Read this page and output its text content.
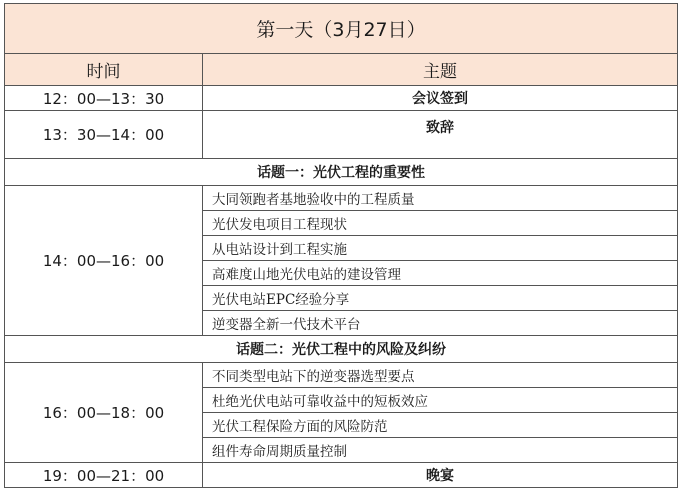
第一天（3月27日）	
时间	主题
12：00—13：30	会议签到
13：30—14：00	致辞
话题一：光伏工程的重要性	
14：00—16：00	大同领跑者基地验收中的工程质量
	光伏发电项目工程现状
	从电站设计到工程实施
	高难度山地光伏电站的建设管理
	光伏电站EPC经验分享
	逆变器全新一代技术平台
话题二：光伏工程中的风险及纠纷	
16：00—18：00	不同类型电站下的逆变器选型要点
	杜绝光伏电站可靠收益中的短板效应
	光伏工程保险方面的风险防范
	组件寿命周期质量控制
19：00—21：00	晚宴
